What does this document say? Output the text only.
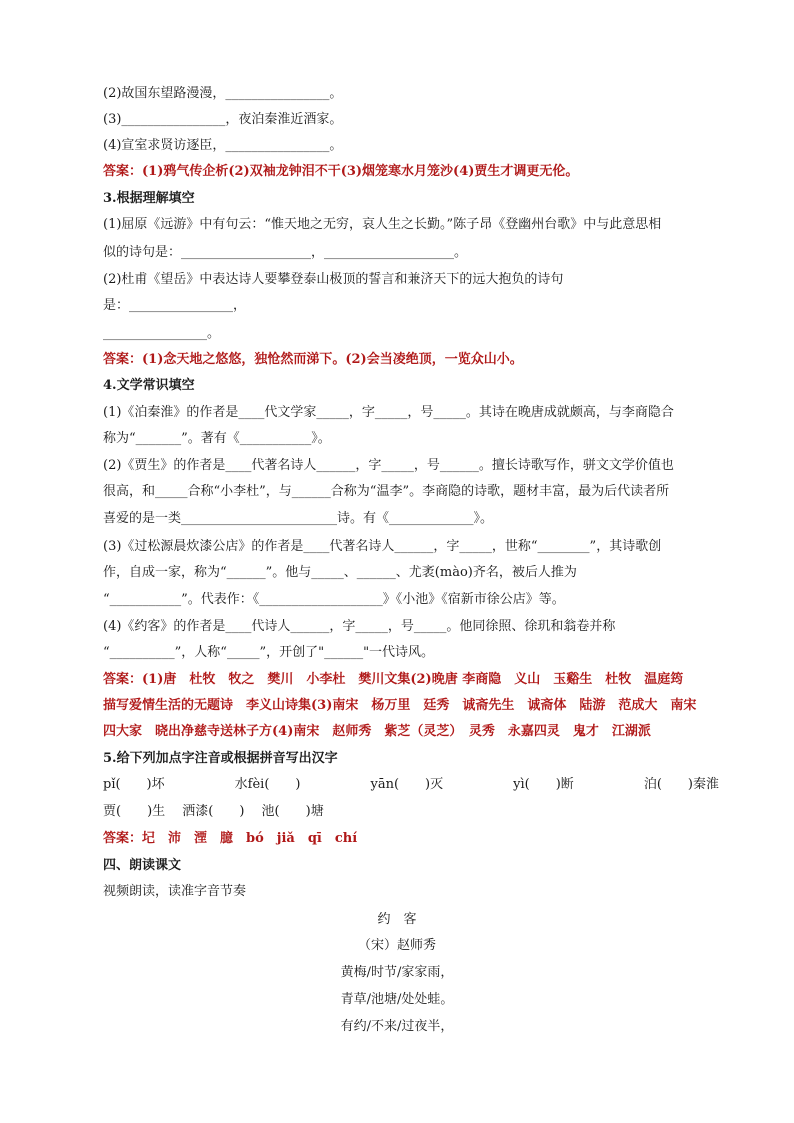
(2)故国东望路漫漫，________________。
(3)________________，夜泊秦淮近酒家。
(4)宣室求贤访逐臣，________________。
答案：(1)鸦气传企析(2)双袖龙钟泪不干(3)烟笼寒水月笼沙(4)贾生才调更无伦。
3.根据理解填空
(1)屈原《远游》中有句云：“惟天地之无穷，哀人生之长勤。”陈子昂《登幽州台歌》中与此意思相
似的诗句是：____________________，____________________。
(2)杜甫《望岳》中表达诗人要攀登泰山极顶的誓言和兼济天下的远大抱负的诗句
是：________________，
________________。
答案：(1)念天地之悠悠，独怆然而涕下。(2)会当凌绝顶，一览众山小。
4.文学常识填空
(1)《泊秦淮》的作者是____代文学家_____，字_____，号_____。其诗在晚唐成就颇高，与李商隐合
称为“_______”。著有《___________》。
(2)《贾生》的作者是____代著名诗人______，字_____，号______。擅长诗歌写作，骈文文学价值也
很高，和_____合称“小李杜”，与______合称为“温李”。李商隐的诗歌，题材丰富，最为后代读者所
喜爱的是一类________________________诗。有《_____________》。
(3)《过松源晨炊漆公店》的作者是____代著名诗人______，字_____，世称“________”，其诗歌创
作，自成一家，称为“______”。他与_____、______、尤袤(mào)齐名，被后人推为
“___________”。代表作：《___________________》《小池》《宿新市徐公店》等。
(4)《约客》的作者是____代诗人______，字_____，号_____。他同徐照、徐玑和翁卷并称
“__________”，人称“_____”，开创了"______"一代诗风。
答案：(1)唐　杜牧　牧之　樊川　小李杜　樊川文集(2)晚唐 李商隐　义山　玉谿生　杜牧　温庭筠
描写爱情生活的无题诗　李义山诗集(3)南宋　杨万里　廷秀　诚斋先生　诚斋体　陆游　范成大　南宋
四大家　晓出净慈寺送林子方(4)南宋　赵师秀　紫芝（灵芝）　灵秀　永嘉四灵　鬼才　江湖派
5.给下列加点字注音或根据拼音写出汉字
pǐ(　　)坏	水fèi(　　)	yān(　　)灭	yì(　　)断	泊(　　)秦淮
贾(　　)生　 洒漆(　　)　 池(　　)塘
答案：圮　沛　湮　臆　bó　jiǎ　qī　chí
四、朗读课文
视频朗读，读准字音节奏
约　客
（宋）赵师秀
黄梅/时节/家家雨，
青草/池塘/处处蛙。
有约/不来/过夜半，
